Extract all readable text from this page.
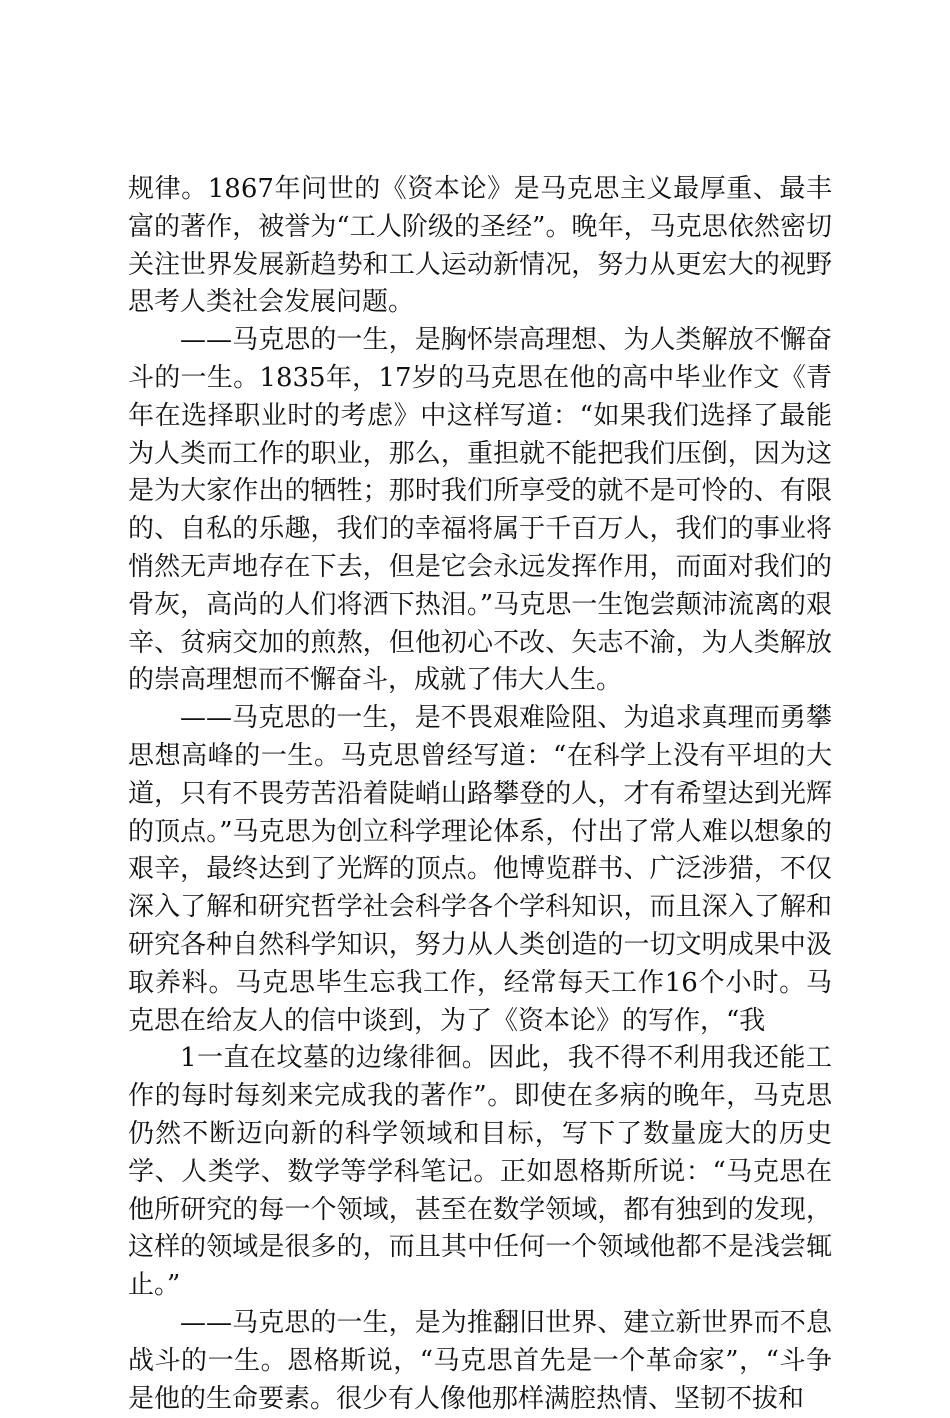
规律。1867年问世的《资本论》是马克思主义最厚重、最丰富的著作，被誉为“工人阶级的圣经”。晚年，马克思依然密切关注世界发展新趋势和工人运动新情况，努力从更宏大的视野思考人类社会发展问题。

——马克思的一生，是胸怀崇高理想、为人类解放不懈奋斗的一生。1835年，17岁的马克思在他的高中毕业作文《青年在选择职业时的考虑》中这样写道：“如果我们选择了最能为人类而工作的职业，那么，重担就不能把我们压倒，因为这是为大家作出的牺牲；那时我们所享受的就不是可怜的、有限的、自私的乐趣，我们的幸福将属于千百万人，我们的事业将悄然无声地存在下去，但是它会永远发挥作用，而面对我们的骨灰，高尚的人们将洒下热泪。”马克思一生饱尝颠沛流离的艰辛、贫病交加的煎熬，但他初心不改、矢志不渝，为人类解放的崇高理想而不懈奋斗，成就了伟大人生。

——马克思的一生，是不畏艰难险阻、为追求真理而勇攀思想高峰的一生。马克思曾经写道：“在科学上没有平坦的大道，只有不畏劳苦沿着陡峭山路攀登的人，才有希望达到光辉的顶点。”马克思为创立科学理论体系，付出了常人难以想象的艰辛，最终达到了光辉的顶点。他博览群书、广泛涉猎，不仅深入了解和研究哲学社会科学各个学科知识，而且深入了解和研究各种自然科学知识，努力从人类创造的一切文明成果中汲取养料。马克思毕生忘我工作，经常每天工作16个小时。马克思在给友人的信中谈到，为了《资本论》的写作，“我

1一直在坟墓的边缘徘徊。因此，我不得不利用我还能工作的每时每刻来完成我的著作”。即使在多病的晚年，马克思仍然不断迈向新的科学领域和目标，写下了数量庞大的历史学、人类学、数学等学科笔记。正如恩格斯所说：“马克思在他所研究的每一个领域，甚至在数学领域，都有独到的发现，这样的领域是很多的，而且其中任何一个领域他都不是浅尝辄止。”

——马克思的一生，是为推翻旧世界、建立新世界而不息战斗的一生。恩格斯说，“马克思首先是一个革命家”，“斗争是他的生命要素。很少有人像他那样满腔热情、坚韧不拔和
